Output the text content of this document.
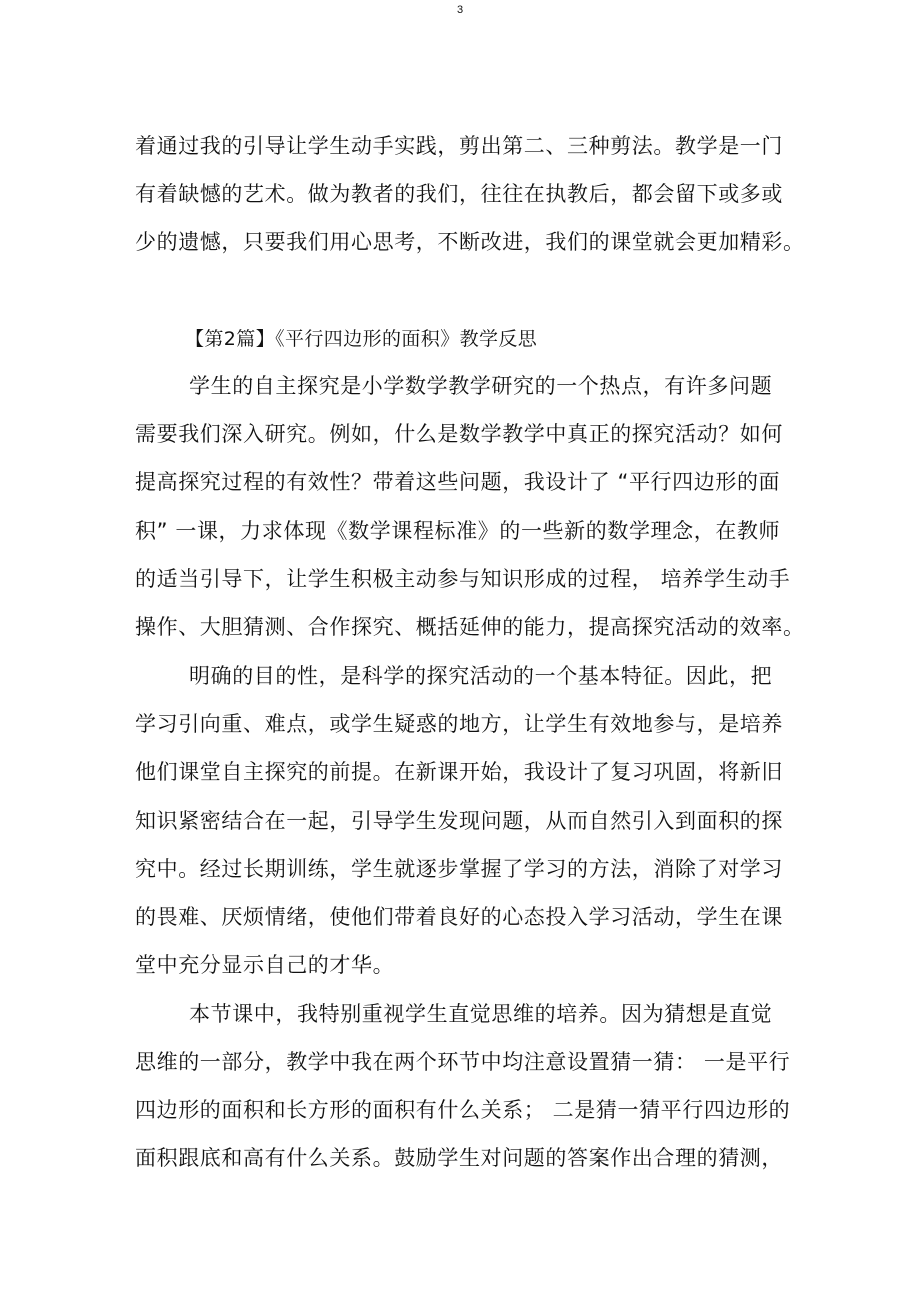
3
着通过我的引导让学生动手实践，剪出第二、三种剪法。教学是一门
有着缺憾的艺术。做为教者的我们，往往在执教后，都会留下或多或
少的遗憾，只要我们用心思考，不断改进，我们的课堂就会更加精彩。
【第2篇】《平行四边形的面积》教学反思
学生的自主探究是小学数学教学研究的一个热点，有许多问题
需要我们深入研究。例如，什么是数学教学中真正的探究活动？如何
提高探究过程的有效性？带着这些问题，我设计了 “平行四边形的面
积” 一课，力求体现《数学课程标准》的一些新的数学理念，在教师
的适当引导下，让学生积极主动参与知识形成的过程， 培养学生动手
操作、大胆猜测、合作探究、概括延伸的能力，提高探究活动的效率。
明确的目的性，是科学的探究活动的一个基本特征。因此，把
学习引向重、难点，或学生疑惑的地方，让学生有效地参与，是培养
他们课堂自主探究的前提。在新课开始，我设计了复习巩固，将新旧
知识紧密结合在一起，引导学生发现问题，从而自然引入到面积的探
究中。经过长期训练，学生就逐步掌握了学习的方法，消除了对学习
的畏难、厌烦情绪，使他们带着良好的心态投入学习活动，学生在课
堂中充分显示自己的才华。
本节课中，我特别重视学生直觉思维的培养。因为猜想是直觉
思维的一部分，教学中我在两个环节中均注意设置猜一猜： 一是平行
四边形的面积和长方形的面积有什么关系； 二是猜一猜平行四边形的
面积跟底和高有什么关系。鼓励学生对问题的答案作出合理的猜测，
